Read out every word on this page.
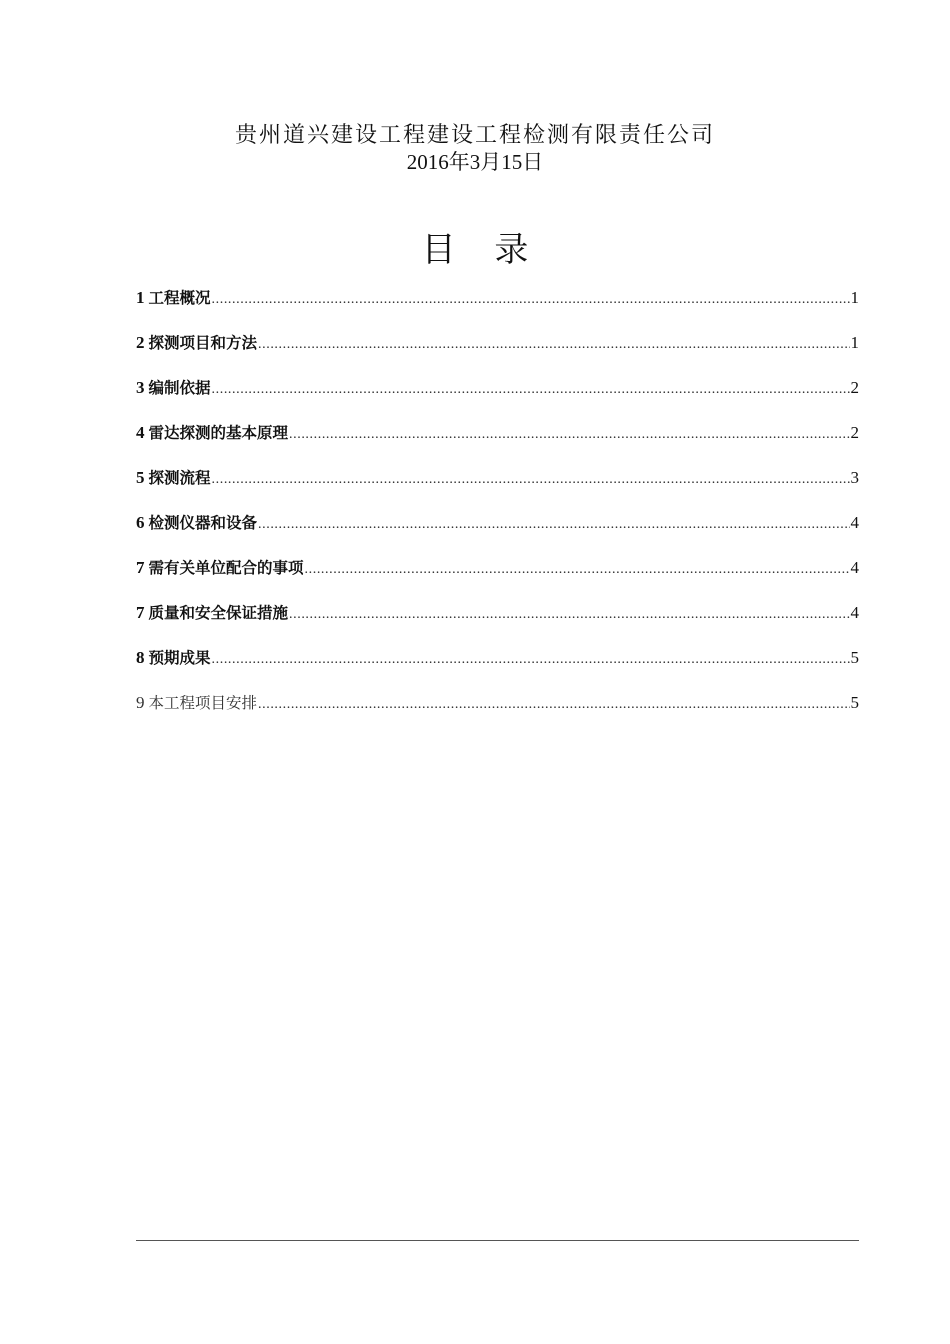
贵州道兴建设工程建设工程检测有限责任公司
2016年3月15日
目 录
1 工程概况 .....	1
2 探测项目和方法 .....	1
3 编制依据 .....	2
4 雷达探测的基本原理 .....	2
5 探测流程 .....	3
6 检测仪器和设备 .....	4
7 需有关单位配合的事项 .....	4
7 质量和安全保证措施 .....	4
8 预期成果 .....	5
9 本工程项目安排 .....	5
